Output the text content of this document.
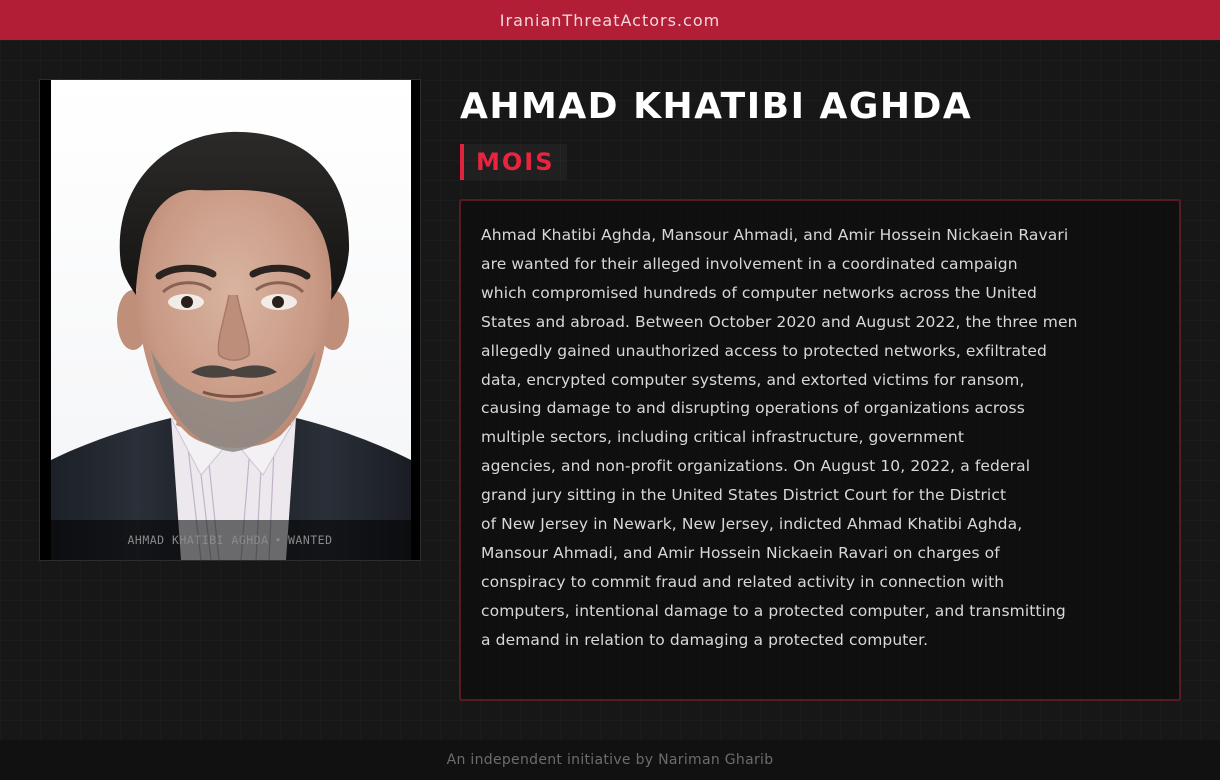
IranianThreatActors.com
AHMAD KHATIBI AGHDA • WANTED
AHMAD KHATIBI AGHDA
MOIS

Ahmad Khatibi Aghda, Mansour Ahmadi, and Amir Hossein Nickaein Ravari
are wanted for their alleged involvement in a coordinated campaign
which compromised hundreds of computer networks across the United
States and abroad. Between October 2020 and August 2022, the three men
allegedly gained unauthorized access to protected networks, exfiltrated
data, encrypted computer systems, and extorted victims for ransom,
causing damage to and disrupting operations of organizations across
multiple sectors, including critical infrastructure, government
agencies, and non-profit organizations. On August 10, 2022, a federal
grand jury sitting in the United States District Court for the District
of New Jersey in Newark, New Jersey, indicted Ahmad Khatibi Aghda,
Mansour Ahmadi, and Amir Hossein Nickaein Ravari on charges of
conspiracy to commit fraud and related activity in connection with
computers, intentional damage to a protected computer, and transmitting
a demand in relation to damaging a protected computer.

An independent initiative by Nariman Gharib
